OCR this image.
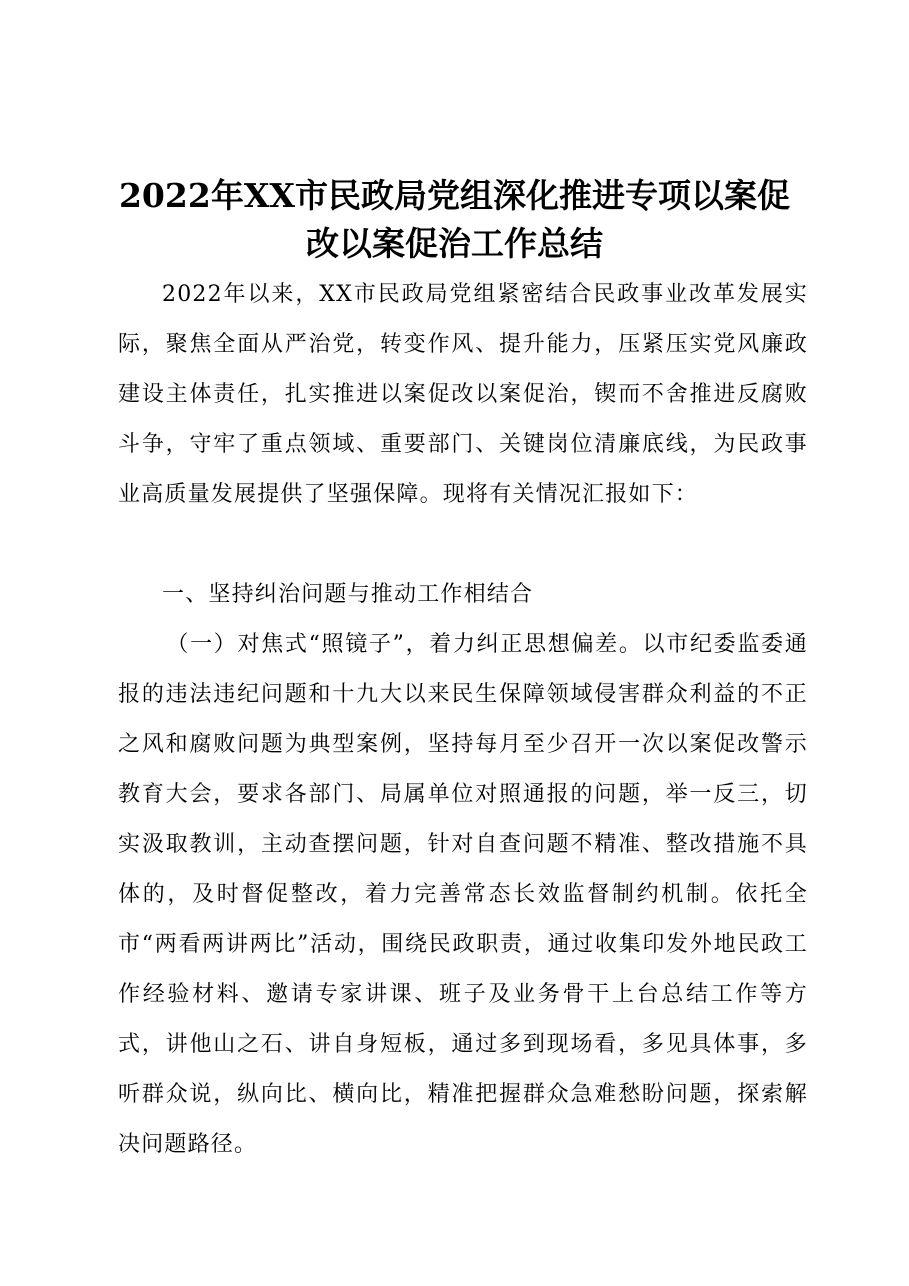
2022年XX市民政局党组深化推进专项以案促
改以案促治工作总结

2022年以来，XX市民政局党组紧密结合民政事业改革发展实际，聚焦全面从严治党，转变作风、提升能力，压紧压实党风廉政建设主体责任，扎实推进以案促改以案促治，锲而不舍推进反腐败斗争，守牢了重点领域、重要部门、关键岗位清廉底线，为民政事业高质量发展提供了坚强保障。现将有关情况汇报如下：

一、坚持纠治问题与推动工作相结合

（一）对焦式“照镜子”，着力纠正思想偏差。以市纪委监委通报的违法违纪问题和十九大以来民生保障领域侵害群众利益的不正之风和腐败问题为典型案例，坚持每月至少召开一次以案促改警示教育大会，要求各部门、局属单位对照通报的问题，举一反三，切实汲取教训，主动查摆问题，针对自查问题不精准、整改措施不具体的，及时督促整改，着力完善常态长效监督制约机制。依托全市“两看两讲两比”活动，围绕民政职责，通过收集印发外地民政工作经验材料、邀请专家讲课、班子及业务骨干上台总结工作等方式，讲他山之石、讲自身短板，通过多到现场看，多见具体事，多听群众说，纵向比、横向比，精准把握群众急难愁盼问题，探索解决问题路径。
